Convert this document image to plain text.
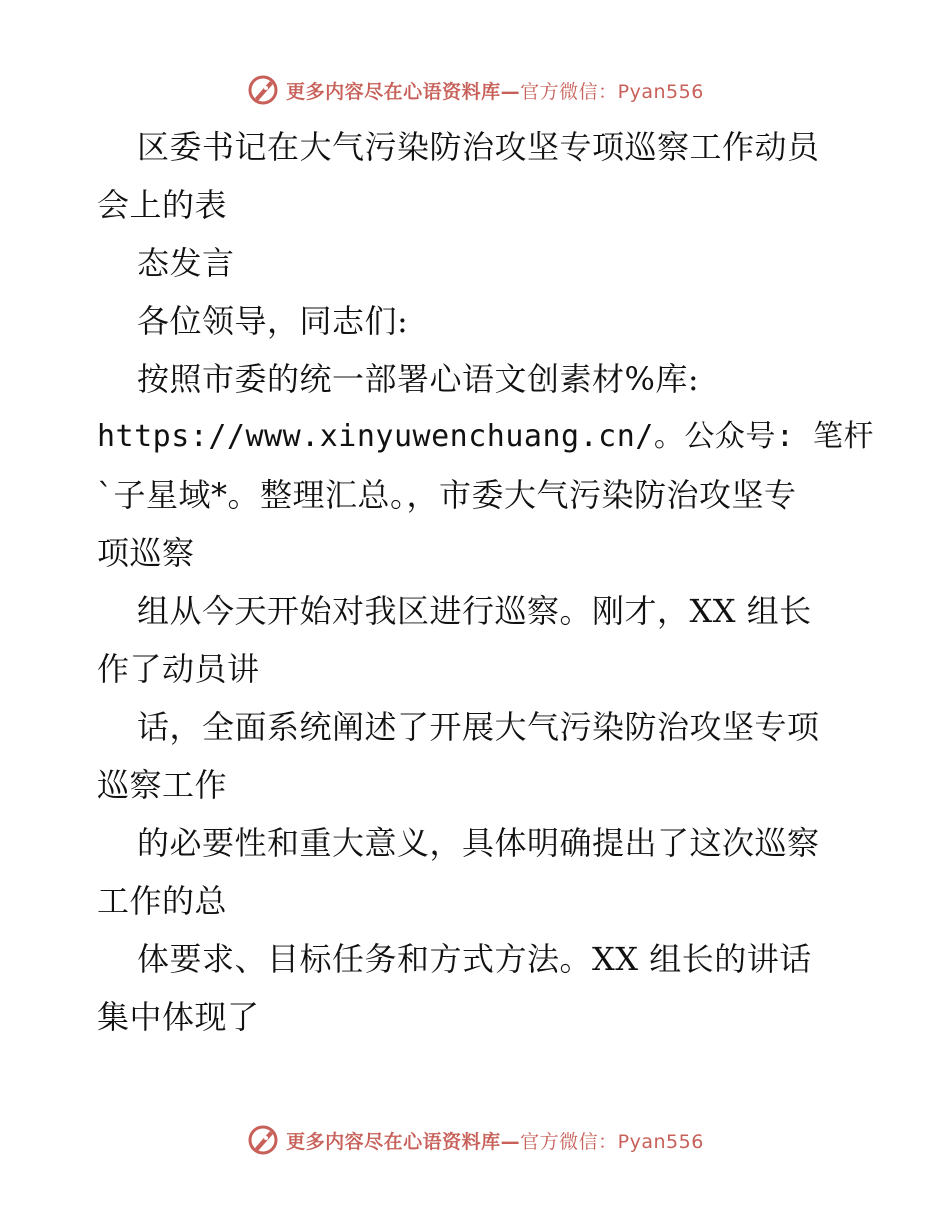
更多内容尽在心语资料库—官方微信：Pyan556
区委书记在大气污染防治攻坚专项巡察工作动员
会上的表
态发言
各位领导，同志们:
按照市委的统一部署心语文创素材%库:
https://www.xinyuwenchuang.cn/。公众号: 笔杆
`子星域*。整理汇总。，市委大气污染防治攻坚专
项巡察
组从今天开始对我区进行巡察。刚才，XX 组长
作了动员讲
话，全面系统阐述了开展大气污染防治攻坚专项
巡察工作
的必要性和重大意义，具体明确提出了这次巡察
工作的总
体要求、目标任务和方式方法。XX 组长的讲话
集中体现了
更多内容尽在心语资料库—官方微信：Pyan556
